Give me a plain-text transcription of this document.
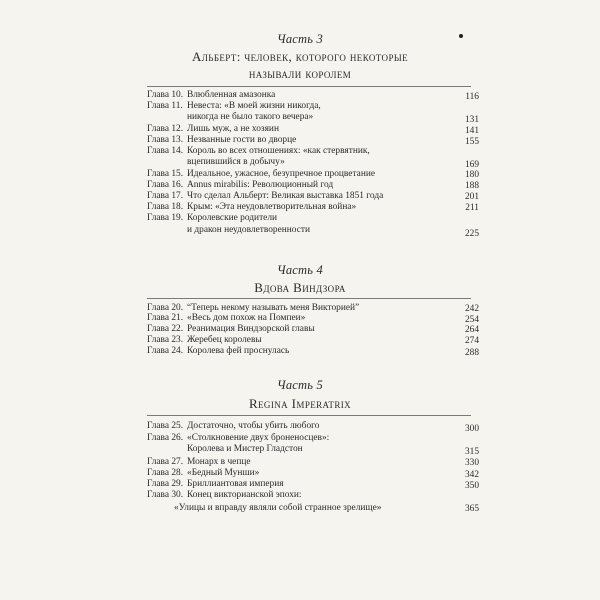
Часть 3
Альберт: человек, которого некоторые
называли королем
Глава 10. Влюбленная амазонка	116
Глава 11. Невеста: «В моей жизни никогда,
никогда не было такого вечера»	131
Глава 12. Лишь муж, а не хозяин	141
Глава 13. Незванные гости во дворце	155
Глава 14. Король во всех отношениях: «как стервятник,
вцепившийся в добычу»	169
Глава 15. Идеальное, ужасное, безупречное процветание	180
Глава 16. Annus mirabilis: Революционный год	188
Глава 17. Что сделал Альберт: Великая выставка 1851 года	201
Глава 18. Крым: «Эта неудовлетворительная война»	211
Глава 19. Королевские родители
и дракон неудовлетворенности	225
Часть 4
Вдова Виндзора
Глава 20. “Теперь некому называть меня Викторией”	242
Глава 21. «Весь дом похож на Помпеи»	254
Глава 22. Реанимация Виндзорской главы	264
Глава 23. Жеребец королевы	274
Глава 24. Королева фей проснулась	288
Часть 5
Regina Imperatrix
Глава 25. Достаточно, чтобы убить любого	300
Глава 26. «Столкновение двух броненосцев»:
Королева и Мистер Гладстон	315
Глава 27. Монарх в чепце	330
Глава 28. «Бедный Мунши»	342
Глава 29. Бриллиантовая империя	350
Глава 30. Конец викторианской эпохи:
«Улицы и вправду являли собой странное зрелище»	365
